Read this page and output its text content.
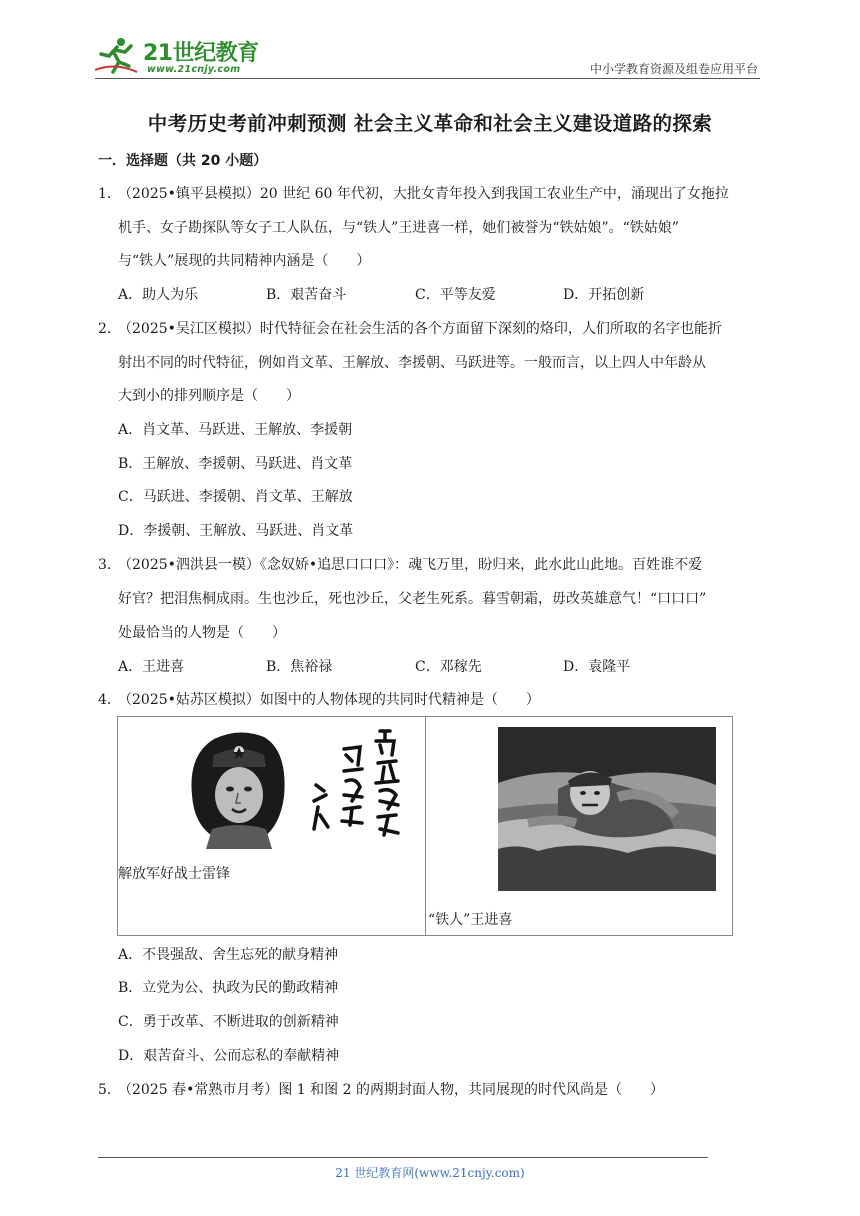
21世纪教育
www.21cnjy.com	中小学教育资源及组卷应用平台
中考历史考前冲刺预测 社会主义革命和社会主义建设道路的探索
一．选择题（共 20 小题）
1．
（2025•镇平县模拟）20 世纪 60 年代初，大批女青年投入到我国工农业生产中，涌现出了女拖拉
机手、女子勘探队等女子工人队伍，与“铁人”王进喜一样，她们被誉为“铁姑娘”。“铁姑娘”
与“铁人”展现的共同精神内涵是（　　）
A．助人为乐	B．艰苦奋斗	C．平等友爱	D．开拓创新
2．
（2025•吴江区模拟）时代特征会在社会生活的各个方面留下深刻的烙印，人们所取的名字也能折
射出不同的时代特征，例如肖文革、王解放、李援朝、马跃进等。一般而言，以上四人中年龄从
大到小的排列顺序是（　　）
A．肖文革、马跃进、王解放、李援朝
B．王解放、李援朝、马跃进、肖文革
C．马跃进、李援朝、肖文革、王解放
D．李援朝、王解放、马跃进、肖文革
3．
（2025•泗洪县一模）《念奴娇•追思口口口》：魂飞万里，盼归来，此水此山此地。百姓谁不爱
好官？把泪焦桐成雨。生也沙丘，死也沙丘，父老生死系。暮雪朝霜，毋改英雄意气！“口口口”
处最恰当的人物是（　　）
A．王进喜	B．焦裕禄	C．邓稼先	D．袁隆平
4．
（2025•姑苏区模拟）如图中的人物体现的共同时代精神是（　　）
解放军好战士雷锋
“铁人”王进喜
A．不畏强敌、舍生忘死的献身精神
B．立党为公、执政为民的勤政精神
C．勇于改革、不断进取的创新精神
D．艰苦奋斗、公而忘私的奉献精神
5．
（2025 春•常熟市月考）图 1 和图 2 的两期封面人物，共同展现的时代风尚是（　　）
21 世纪教育网(www.21cnjy.com)
